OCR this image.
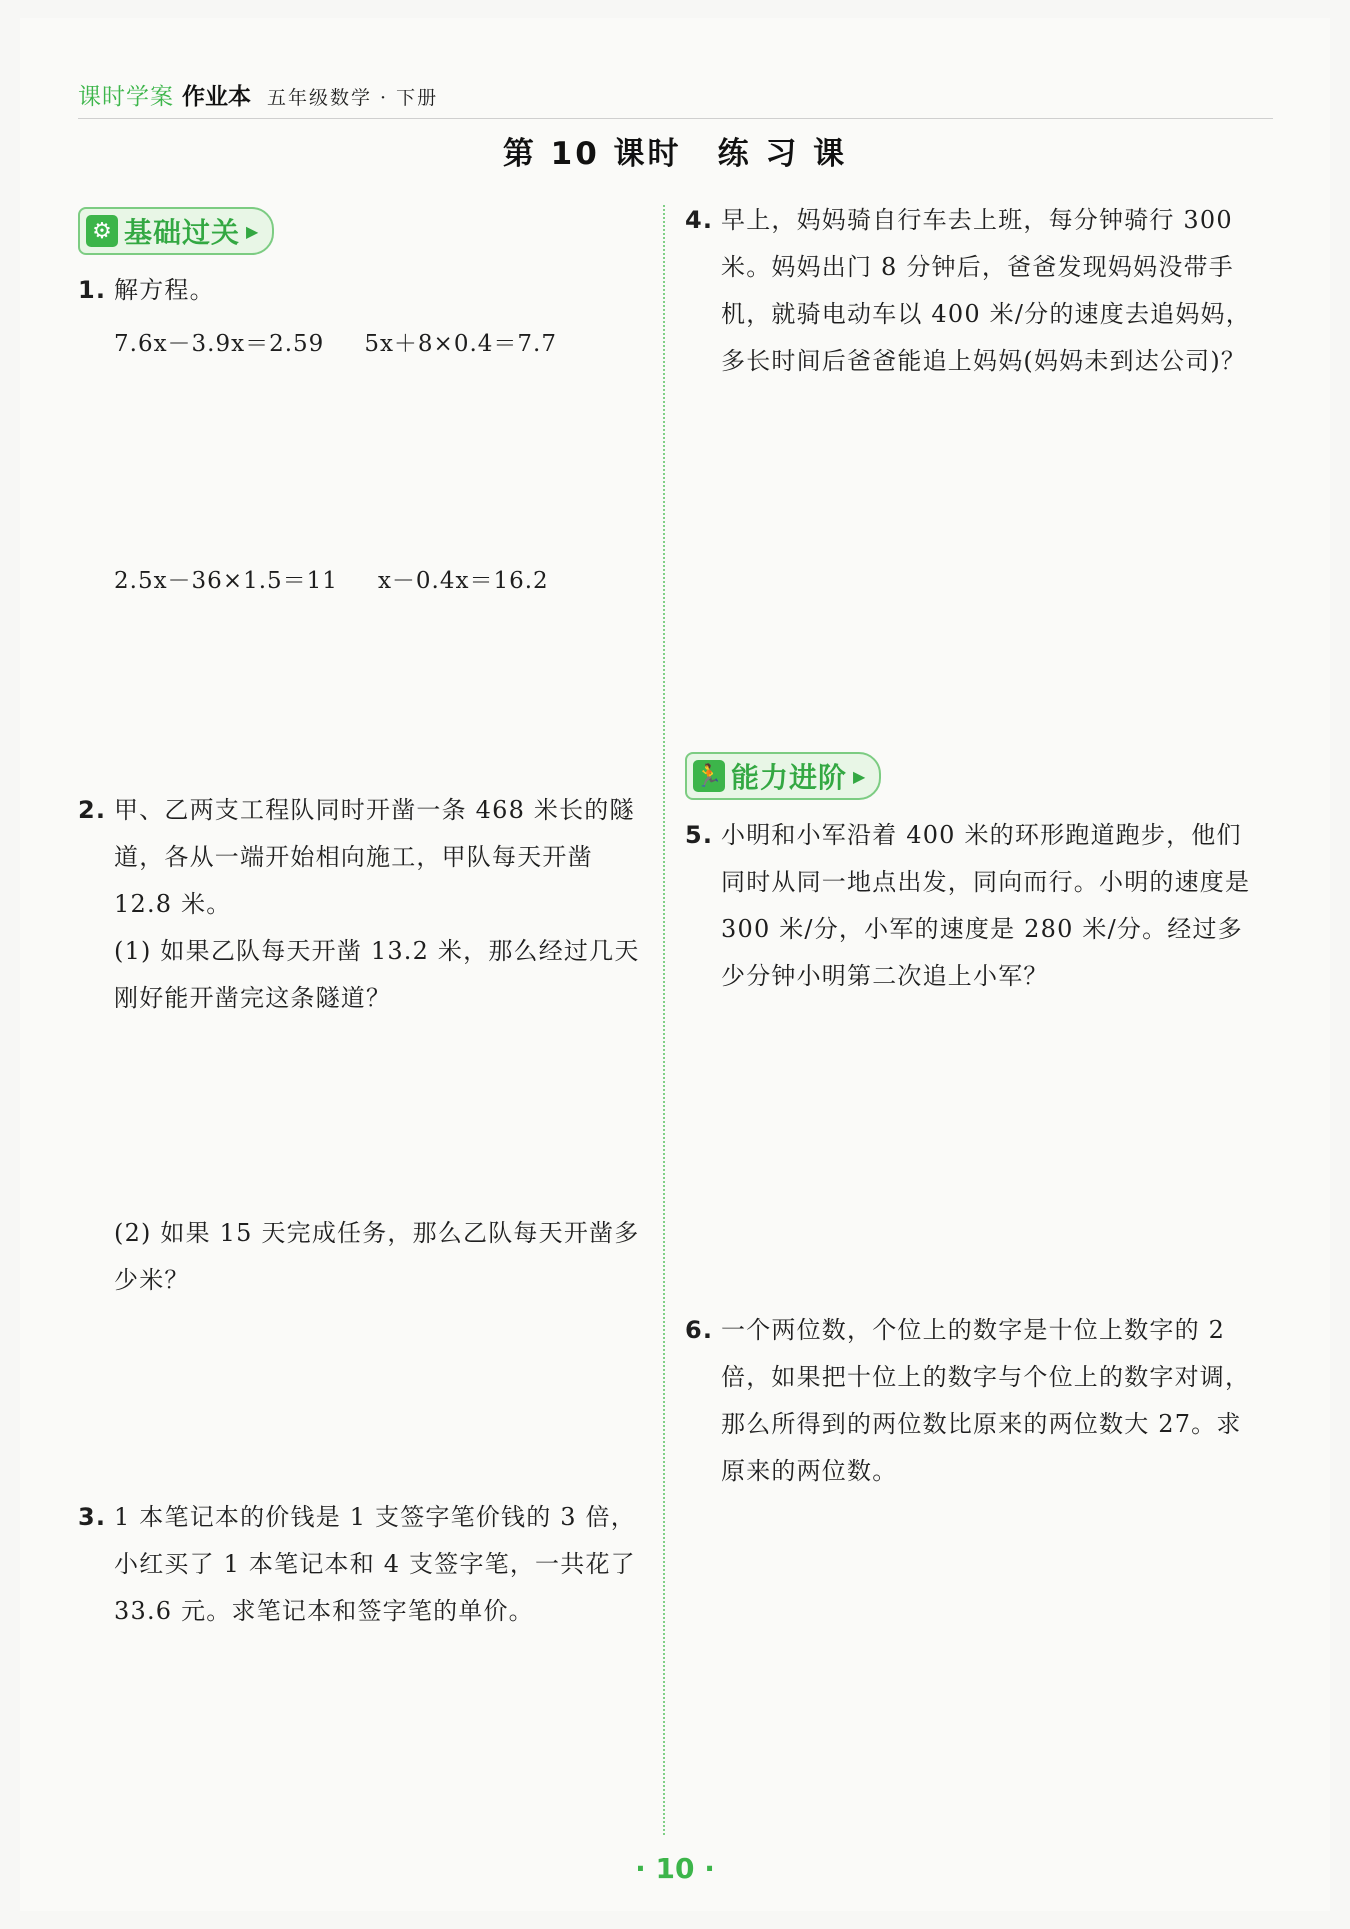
课时学案 作业本 五年级数学 · 下册
第 10 课时 练 习 课
⚙ 基础过关 ▶
1. 解方程。
7.6x－3.9x＝2.59 5x＋8×0.4＝7.7
2.5x－36×1.5＝11 x－0.4x＝16.2
2. 甲、乙两支工程队同时开凿一条 468 米长的隧道，各从一端开始相向施工，甲队每天开凿 12.8 米。
(1) 如果乙队每天开凿 13.2 米，那么经过几天刚好能开凿完这条隧道？
(2) 如果 15 天完成任务，那么乙队每天开凿多少米？
3. 1 本笔记本的价钱是 1 支签字笔价钱的 3 倍，小红买了 1 本笔记本和 4 支签字笔，一共花了 33.6 元。求笔记本和签字笔的单价。
4. 早上，妈妈骑自行车去上班，每分钟骑行 300 米。妈妈出门 8 分钟后，爸爸发现妈妈没带手机，就骑电动车以 400 米/分的速度去追妈妈，多长时间后爸爸能追上妈妈(妈妈未到达公司)？
🏃 能力进阶 ▶
5. 小明和小军沿着 400 米的环形跑道跑步，他们同时从同一地点出发，同向而行。小明的速度是 300 米/分，小军的速度是 280 米/分。经过多少分钟小明第二次追上小军？
6. 一个两位数，个位上的数字是十位上数字的 2 倍，如果把十位上的数字与个位上的数字对调，那么所得到的两位数比原来的两位数大 27。求原来的两位数。
· 10 ·
